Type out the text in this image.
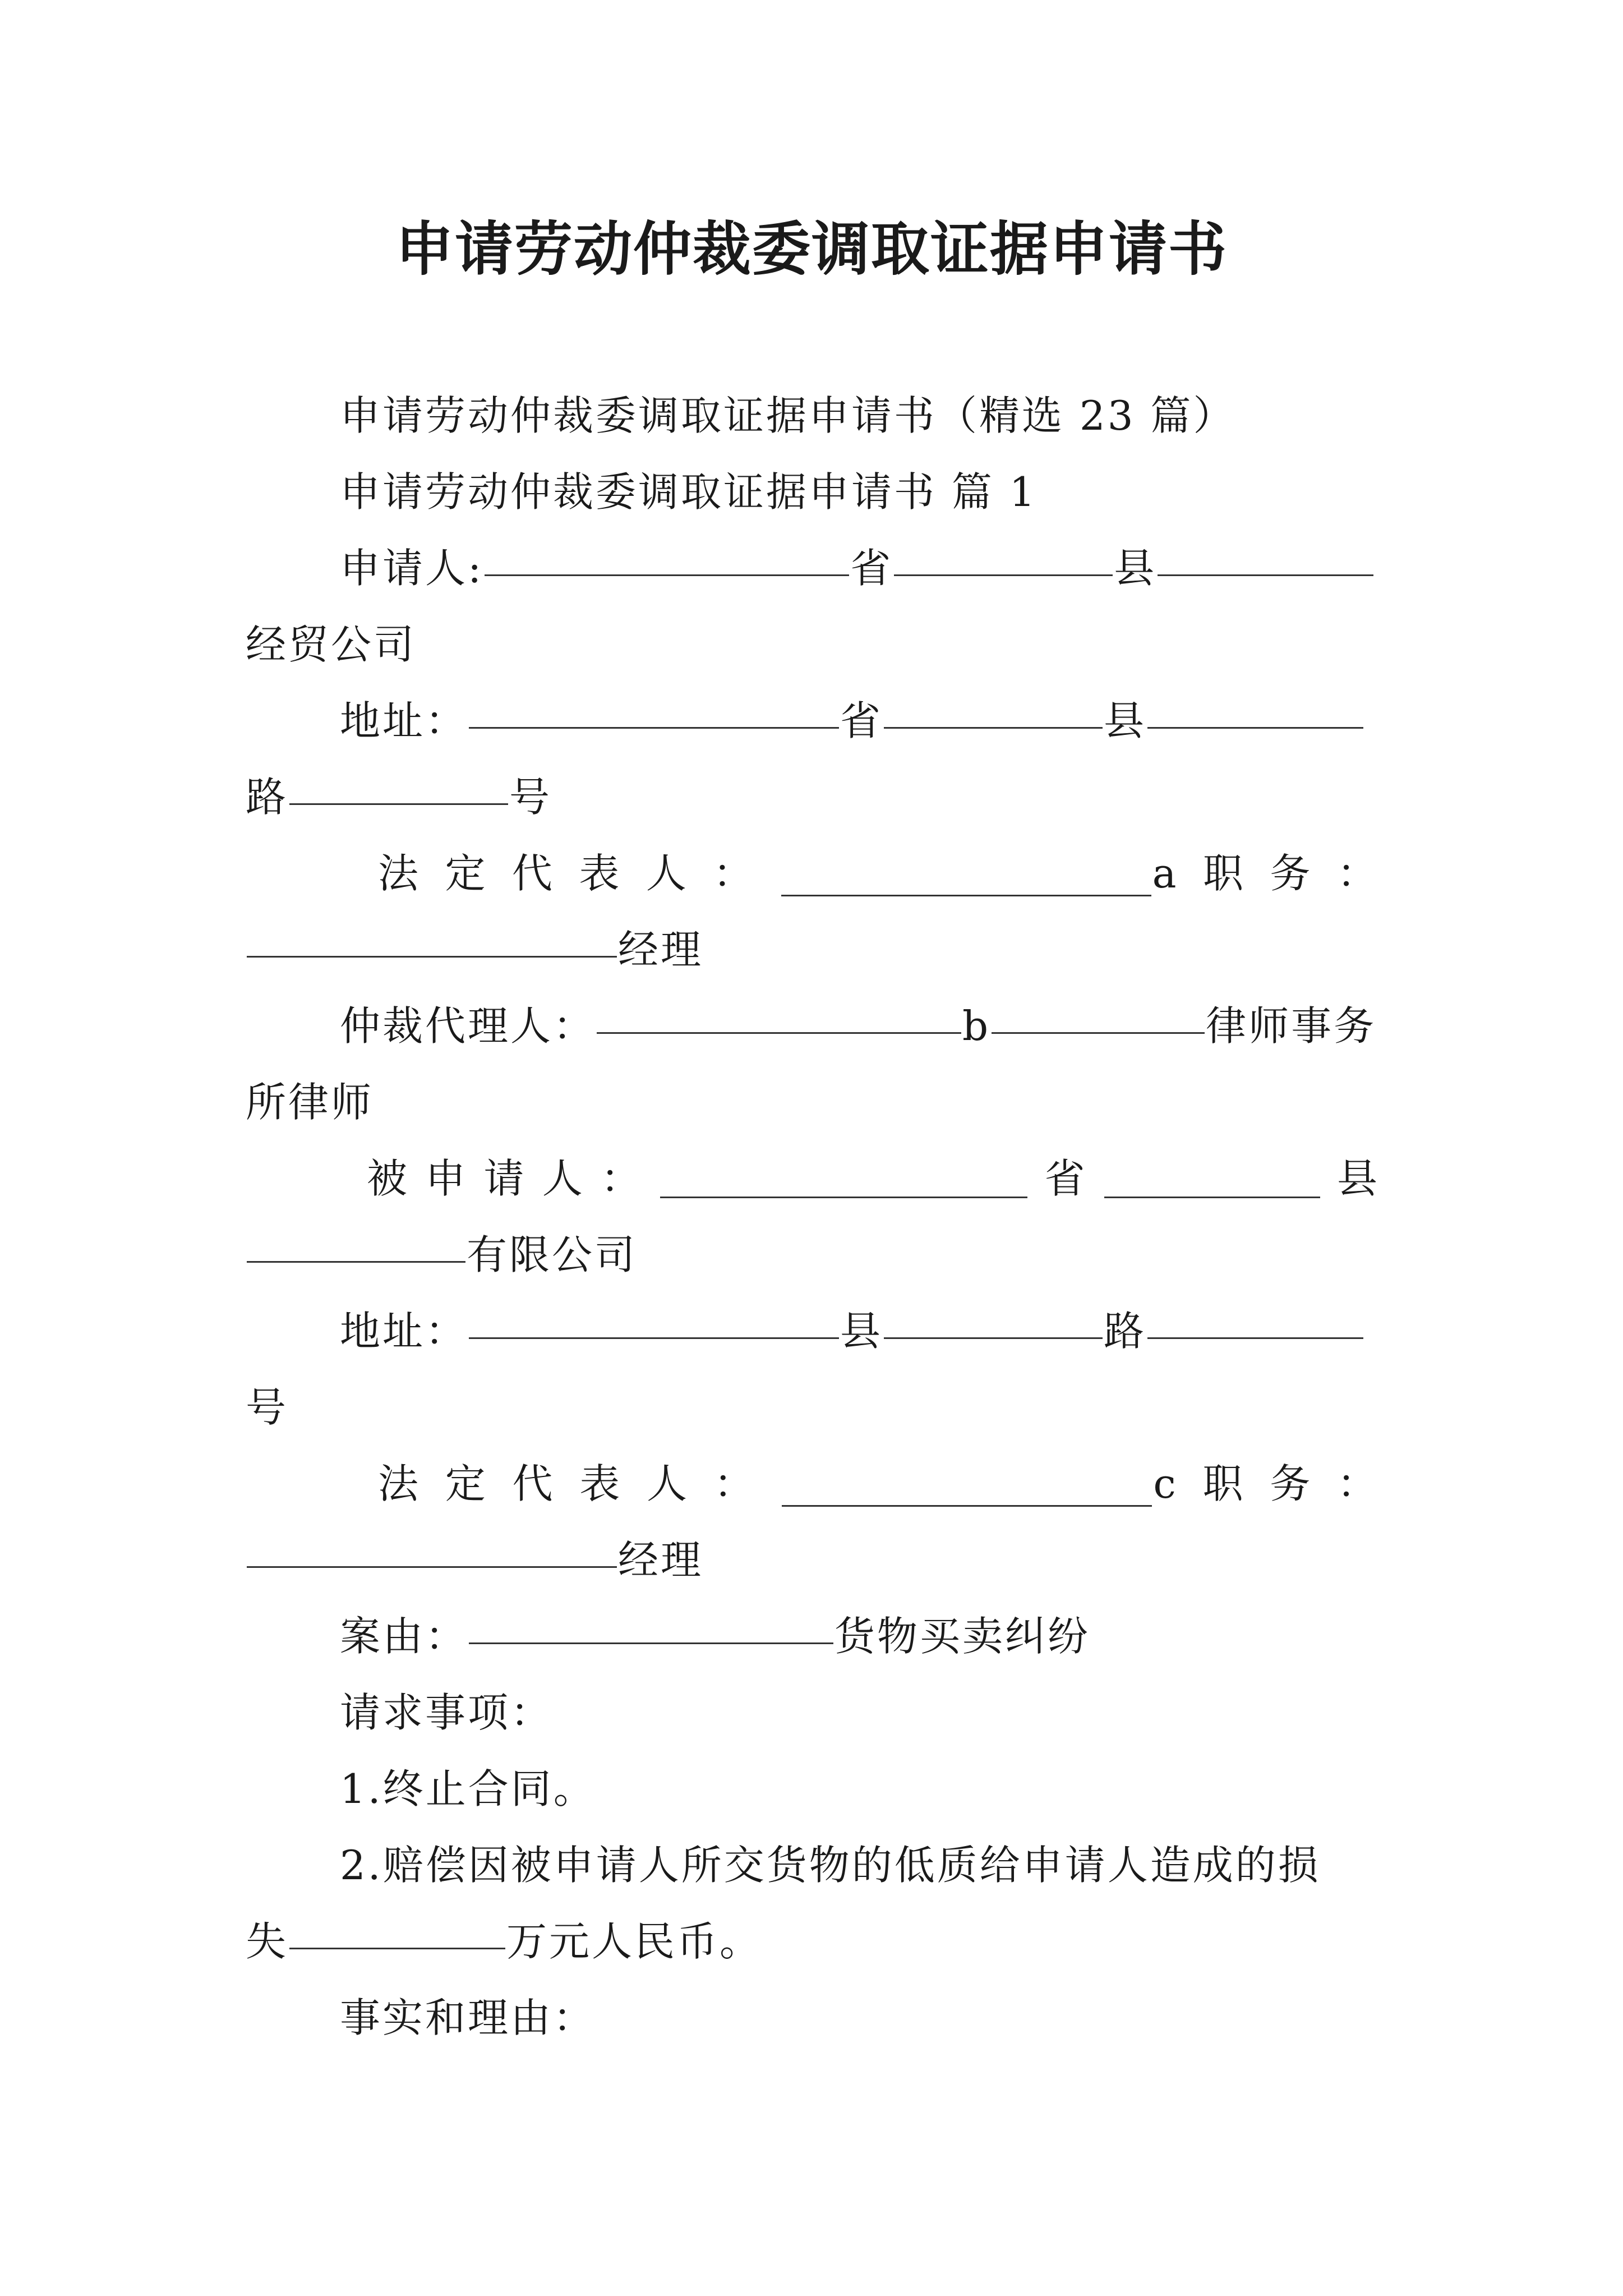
申请劳动仲裁委调取证据申请书
申请劳动仲裁委调取证据申请书（精选 23 篇）
申请劳动仲裁委调取证据申请书 篇 1
申请人:	省	县
经贸公司
地址：	省	县
路	号
法 定 代 表 人 ：	a 职 务 ：
经理
仲裁代理人：	b	律师事务
所律师
被 申 请 人 ：	省	县
有限公司
地址：	县	路
号
法 定 代 表 人 ：	c 职 务 ：
经理
案由：	货物买卖纠纷
请求事项：
1.终止合同。
2.赔偿因被申请人所交货物的低质给申请人造成的损
失	万元人民币。
事实和理由：
